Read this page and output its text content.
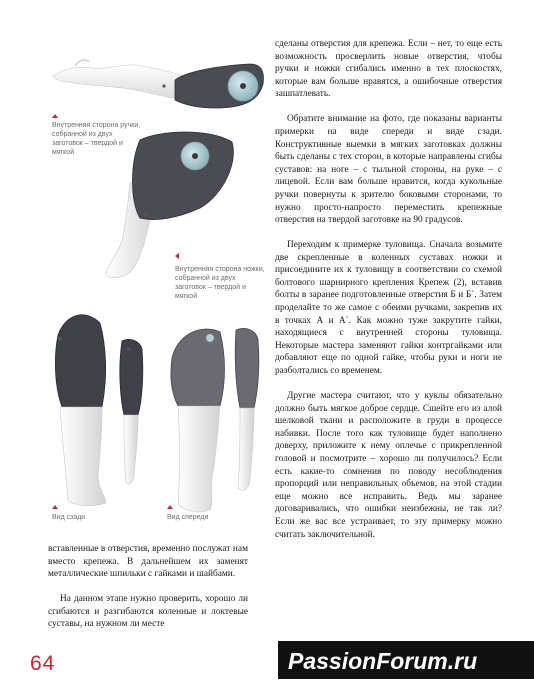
Внутренняя сторона ручки, собранной из двух заготовок – твердой и мягкой
Внутренняя сторона ножки, собранной из двух заготовок – твердой и мягкой
Вид сзади	Вид спереди

сделаны отверстия для крепежа. Если – нет, то еще есть возможность просверлить новые отверстия, чтобы ручки и ножки сгибались именно в тех плоскостях, которые вам больше нравятся, а ошибочные отверстия зашпатлевать.

Обратите внимание на фото, где показаны варианты примерки на виде спереди и виде сзади. Конструктивные выемки в мягких заготовках должны быть сделаны с тех сторон, в которые направлены сгибы суставов: на ноге – с тыльной стороны, на руке – с лицевой. Если вам больше нравится, когда кукольные ручки повернуты к зрителю боковыми сторонами, то нужно просто-напросто переместить крепежные отверстия на твердой заготовке на 90 градусов.

Переходим к примерке туловища. Сначала возьмите две скрепленные в коленных суставах ножки и присоедините их к туловищу в соответствии со схемой болтового шарнирного крепления Крепеж (2), вставив болты в заранее подготовленные отверстия Б и Б´. Затем проделайте то же самое с обеими ручками, закрепив их в точках А и А´. Как можно туже закрутите гайки, находящиеся с внутренней стороны туловища. Некоторые мастера заменяют гайки контргайками или добавляют еще по одной гайке, чтобы руки и ноги не разболтались со временем.

Другие мастера считают, что у куклы обязательно должно быть мягкое доброе сердце. Сшейте его из алой шелковой ткани и расположите в груди в процессе набивки. После того как туловище будет наполнено доверху, приложите к нему оплечье с прикрепленной головой и посмотрите – хорошо ли получилось? Если есть какие-то сомнения по поводу несоблюдения пропорций или неправильных объемов, на этой стадии еще можно все исправить. Ведь мы заранее договаривались, что ошибки неизбежны, не так ли? Если же вас все устраивает, то эту примерку можно считать заключительной.

вставленные в отверстия, временно послужат нам вместо крепежа. В дальнейшем их заменят металлические шпильки с гайками и шайбами.

На данном этапе нужно проверить, хорошо ли сгибаются и разгибаются коленные и локтевые суставы, на нужном ли месте

64	PassionForum.ru
